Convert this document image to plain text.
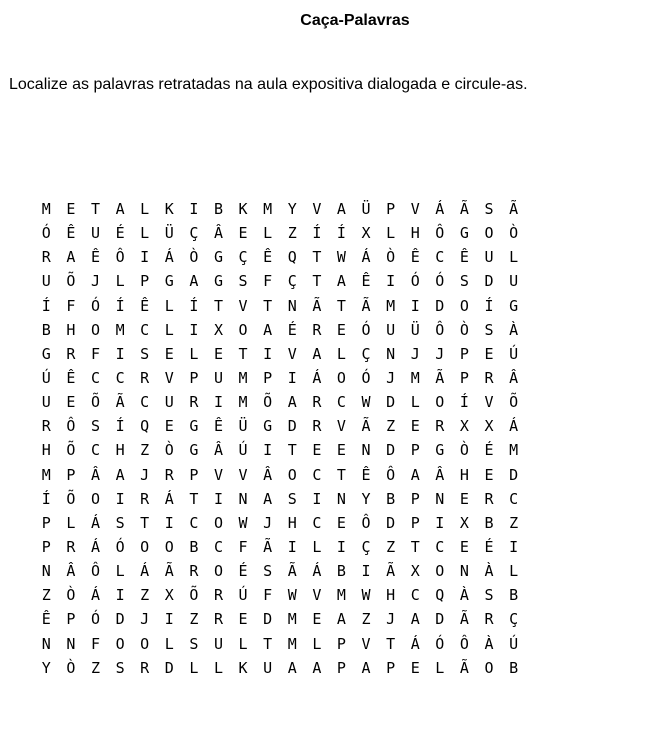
Caça-Palavras
Localize as palavras retratadas na aula expositiva dialogada e circule-as.
M	E	T	A	L	K	I	B	K	M	Y	V	A	Ü	P	V	Á	Ã	S	Ã
Ó	Ê	U	É	L	Ü	Ç	Â	E	L	Z	Í	Í	X	L	H	Ô	G	O	Ò
R	A	Ê	Ô	I	Á	Ò	G	Ç	Ê	Q	T	W	Á	Ò	Ê	C	Ê	U	L
U	Õ	J	L	P	G	A	G	S	F	Ç	T	A	Ê	I	Ó	Ó	S	D	U
Í	F	Ó	Í	Ê	L	Í	T	V	T	N	Ã	T	Ã	M	I	D	O	Í	G
B	H	O	M	C	L	I	X	O	A	É	R	E	Ó	U	Ü	Ô	Ò	S	À
G	R	F	I	S	E	L	E	T	I	V	A	L	Ç	N	J	J	P	E	Ú
Ú	Ê	C	C	R	V	P	U	M	P	I	Á	O	Ó	J	M	Ã	P	R	Â
U	E	Õ	Ã	C	U	R	I	M	Õ	A	R	C	W	D	L	O	Í	V	Õ
R	Ô	S	Í	Q	E	G	Ê	Ü	G	D	R	V	Ã	Z	E	R	X	X	Á
H	Õ	C	H	Z	Ò	G	Â	Ú	I	T	E	E	N	D	P	G	Ò	É	M
M	P	Â	A	J	R	P	V	V	Â	O	C	T	Ê	Ô	A	Â	H	E	D
Í	Õ	O	I	R	Á	T	I	N	A	S	I	N	Y	B	P	N	E	R	C
P	L	Á	S	T	I	C	O	W	J	H	C	E	Ô	D	P	I	X	B	Z
P	R	Á	Ó	O	O	B	C	F	Ã	I	L	I	Ç	Z	T	C	E	É	I
N	Â	Ô	L	Á	Ã	R	O	É	S	Ã	Á	B	I	Ã	X	O	N	À	L
Z	Ò	Á	I	Z	X	Õ	R	Ú	F	W	V	M	W	H	C	Q	À	S	B
Ê	P	Ó	D	J	I	Z	R	E	D	M	E	A	Z	J	A	D	Ã	R	Ç
N	N	F	O	O	L	S	U	L	T	M	L	P	V	T	Á	Ó	Ô	À	Ú
Y	Ò	Z	S	R	D	L	L	K	U	A	A	P	A	P	E	L	Ã	O	B
